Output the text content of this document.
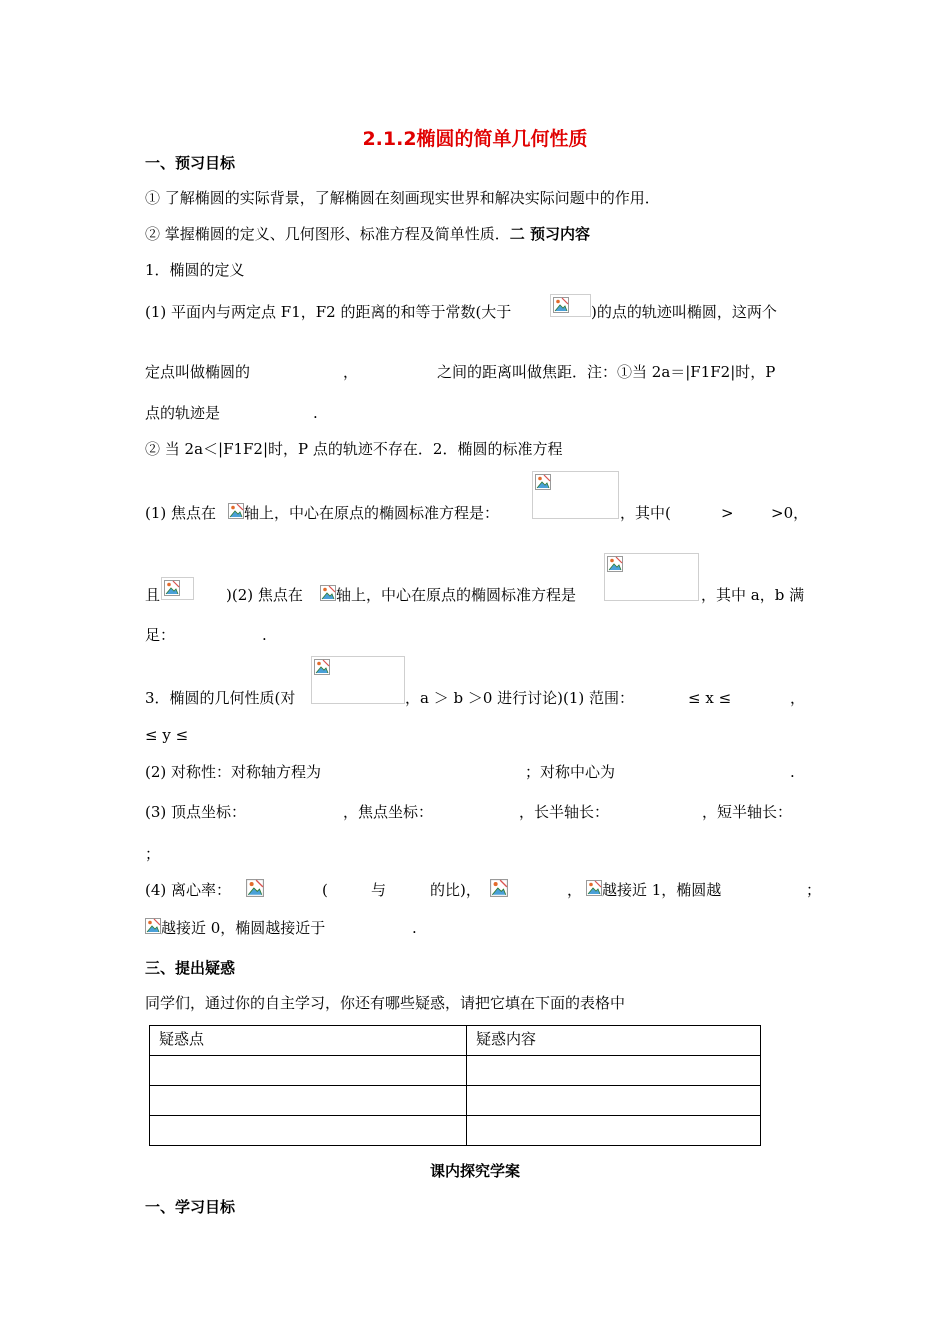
2.1.2椭圆的简单几何性质
一、预习目标
① 了解椭圆的实际背景，了解椭圆在刻画现实世界和解决实际问题中的作用．
② 掌握椭圆的定义、几何图形、标准方程及简单性质．二 预习内容
1．椭圆的定义
(1) 平面内与两定点 F1，F2 的距离的和等于常数(大于	)的点的轨迹叫椭圆，这两个
定点叫做椭圆的	，	之间的距离叫做焦距．注：①当 2a＝|F1F2|时，P
点的轨迹是	.
② 当 2a＜|F1F2|时，P 点的轨迹不存在．2．椭圆的标准方程
(1) 焦点在 轴上，中心在原点的椭圆标准方程是：	，其中(	> >0，
且	)(2) 焦点在 轴上，中心在原点的椭圆标准方程是	，其中 a，b 满
足：	.
3．椭圆的几何性质(对	，a ＞ b ＞0 进行讨论)(1) 范围：	≤ x ≤	，
≤ y ≤
(2) 对称性：对称轴方程为	；对称中心为	.
(3) 顶点坐标：	，焦点坐标：	，长半轴长：	，短半轴长：
；
(4) 离心率：	(	与	的比)，	， 越接近 1，椭圆越	；
越接近 0，椭圆越接近于	.
三、提出疑惑
同学们，通过你的自主学习，你还有哪些疑惑，请把它填在下面的表格中
疑惑点	疑惑内容

课内探究学案
一、学习目标
